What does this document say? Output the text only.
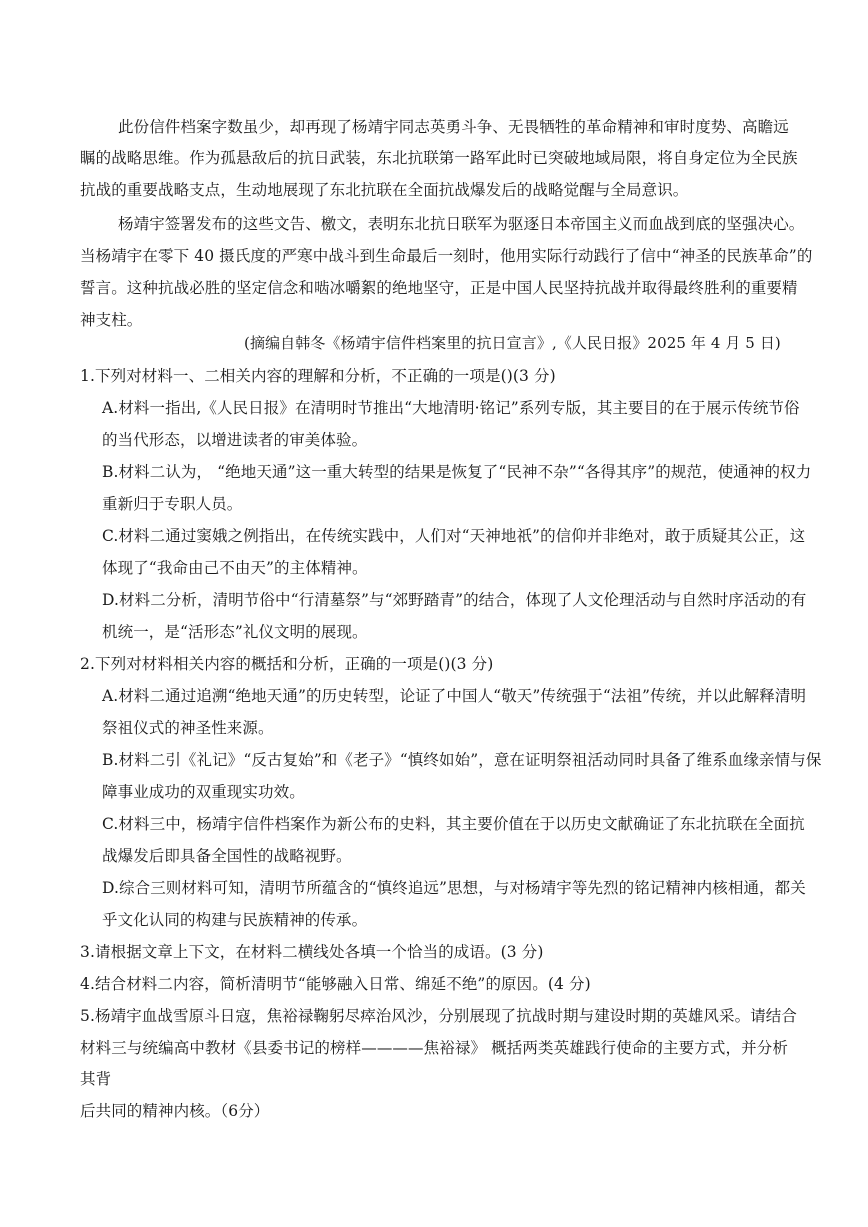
此份信件档案字数虽少，却再现了杨靖宇同志英勇斗争、无畏牺牲的革命精神和审时度势、高瞻远
瞩的战略思维。作为孤悬敌后的抗日武装，东北抗联第一路军此时已突破地域局限，将自身定位为全民族
抗战的重要战略支点，生动地展现了东北抗联在全面抗战爆发后的战略觉醒与全局意识。
杨靖宇签署发布的这些文告、檄文，表明东北抗日联军为驱逐日本帝国主义而血战到底的坚强决心。
当杨靖宇在零下 40 摄氏度的严寒中战斗到生命最后一刻时，他用实际行动践行了信中“神圣的民族革命”的
誓言。这种抗战必胜的坚定信念和啮冰嚼絮的绝地坚守，正是中国人民坚持抗战并取得最终胜利的重要精
神支柱。
(摘编自韩冬《杨靖宇信件档案里的抗日宣言》,《人民日报》2025 年 4 月 5 日)
1.下列对材料一、二相关内容的理解和分析，不正确的一项是()(3 分)
A.材料一指出,《人民日报》在清明时节推出“大地清明·铭记”系列专版，其主要目的在于展示传统节俗
的当代形态，以增进读者的审美体验。
B.材料二认为， “绝地天通”这一重大转型的结果是恢复了“民神不杂”“各得其序”的规范，使通神的权力
重新归于专职人员。
C.材料二通过窦娥之例指出，在传统实践中，人们对“天神地祇”的信仰并非绝对，敢于质疑其公正，这
体现了“我命由己不由天”的主体精神。
D.材料二分析，清明节俗中“行清墓祭”与“郊野踏青”的结合，体现了人文伦理活动与自然时序活动的有
机统一，是“活形态”礼仪文明的展现。
2.下列对材料相关内容的概括和分析，正确的一项是()(3 分)
A.材料二通过追溯“绝地天通”的历史转型，论证了中国人“敬天”传统强于“法祖”传统，并以此解释清明
祭祖仪式的神圣性来源。
B.材料二引《礼记》“反古复始”和《老子》“慎终如始”，意在证明祭祖活动同时具备了维系血缘亲情与保
障事业成功的双重现实功效。
C.材料三中，杨靖宇信件档案作为新公布的史料，其主要价值在于以历史文献确证了东北抗联在全面抗
战爆发后即具备全国性的战略视野。
D.综合三则材料可知，清明节所蕴含的“慎终追远”思想，与对杨靖宇等先烈的铭记精神内核相通，都关
乎文化认同的构建与民族精神的传承。
3.请根据文章上下文，在材料二横线处各填一个恰当的成语。(3 分)
4.结合材料二内容，简析清明节“能够融入日常、绵延不绝”的原因。(4 分)
5.杨靖宇血战雪原斗日寇，焦裕禄鞠躬尽瘁治风沙，分别展现了抗战时期与建设时期的英雄风采。请结合
材料三与统编高中教材《县委书记的榜样————焦裕禄》 概括两类英雄践行使命的主要方式，并分析
其背
后共同的精神内核。（6分）
